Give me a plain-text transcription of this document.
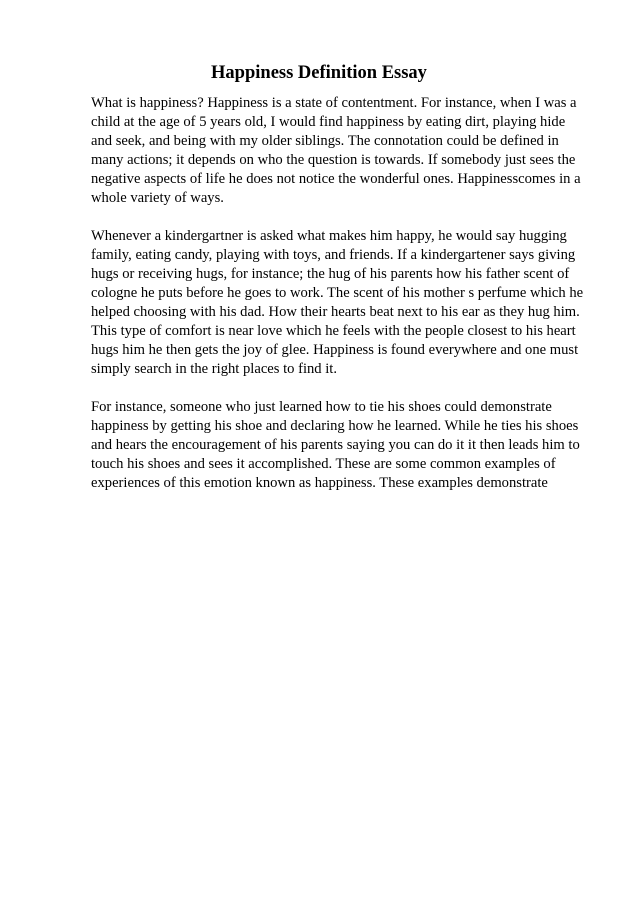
Happiness Definition Essay

What is happiness? Happiness is a state of contentment. For instance, when I was a
child at the age of 5 years old, I would find happiness by eating dirt, playing hide
and seek, and being with my older siblings. The connotation could be defined in
many actions; it depends on who the question is towards. If somebody just sees the
negative aspects of life he does not notice the wonderful ones. Happinesscomes in a
whole variety of ways.

Whenever a kindergartner is asked what makes him happy, he would say hugging
family, eating candy, playing with toys, and friends. If a kindergartener says giving
hugs or receiving hugs, for instance; the hug of his parents how his father scent of
cologne he puts before he goes to work. The scent of his mother s perfume which he
helped choosing with his dad. How their hearts beat next to his ear as they hug him.
This type of comfort is near love which he feels with the people closest to his heart
hugs him he then gets the joy of glee. Happiness is found everywhere and one must
simply search in the right places to find it.

For instance, someone who just learned how to tie his shoes could demonstrate
happiness by getting his shoe and declaring how he learned. While he ties his shoes
and hears the encouragement of his parents saying you can do it it then leads him to
touch his shoes and sees it accomplished. These are some common examples of
experiences of this emotion known as happiness. These examples demonstrate
